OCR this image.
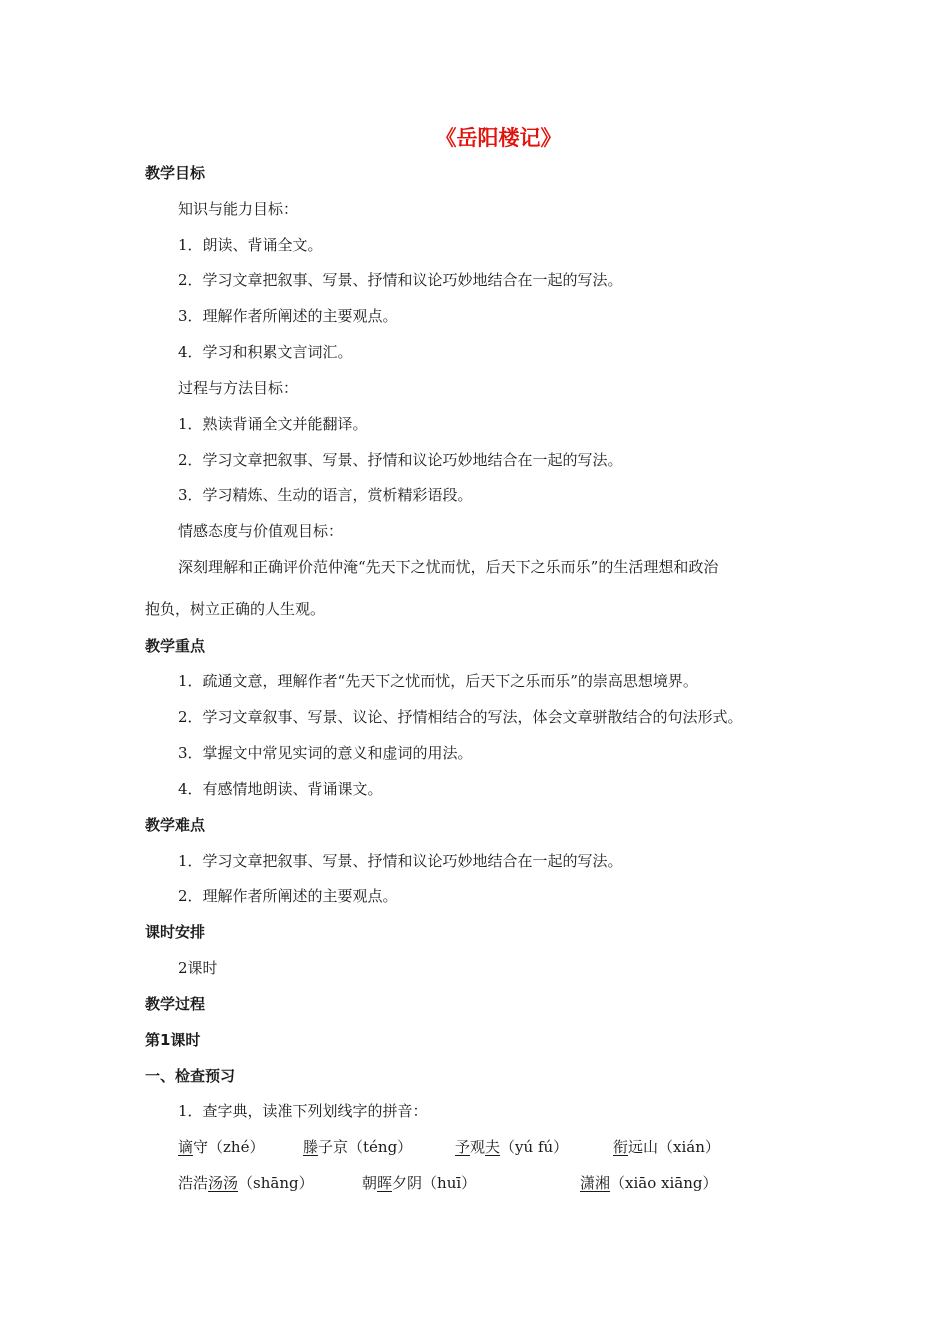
《岳阳楼记》
教学目标
知识与能力目标：
1．朗读、背诵全文。
2．学习文章把叙事、写景、抒情和议论巧妙地结合在一起的写法。
3．理解作者所阐述的主要观点。
4．学习和积累文言词汇。
过程与方法目标：
1．熟读背诵全文并能翻译。
2．学习文章把叙事、写景、抒情和议论巧妙地结合在一起的写法。
3．学习精炼、生动的语言，赏析精彩语段。
情感态度与价值观目标：
深刻理解和正确评价范仲淹“先天下之忧而忧，后天下之乐而乐”的生活理想和政治
抱负，树立正确的人生观。
教学重点
1．疏通文意，理解作者“先天下之忧而忧，后天下之乐而乐”的崇高思想境界。
2．学习文章叙事、写景、议论、抒情相结合的写法，体会文章骈散结合的句法形式。
3．掌握文中常见实词的意义和虚词的用法。
4．有感情地朗读、背诵课文。
教学难点
1．学习文章把叙事、写景、抒情和议论巧妙地结合在一起的写法。
2．理解作者所阐述的主要观点。
课时安排
2课时
教学过程
第1课时
一、检查预习
1．查字典，读准下列划线字的拼音：
谪守（zhé）	滕子京（téng）	予观夫（yú fú）	衔远山（xián）
浩浩汤汤（shāng）	朝晖夕阴（huī）	潇湘（xiāo xiāng）
